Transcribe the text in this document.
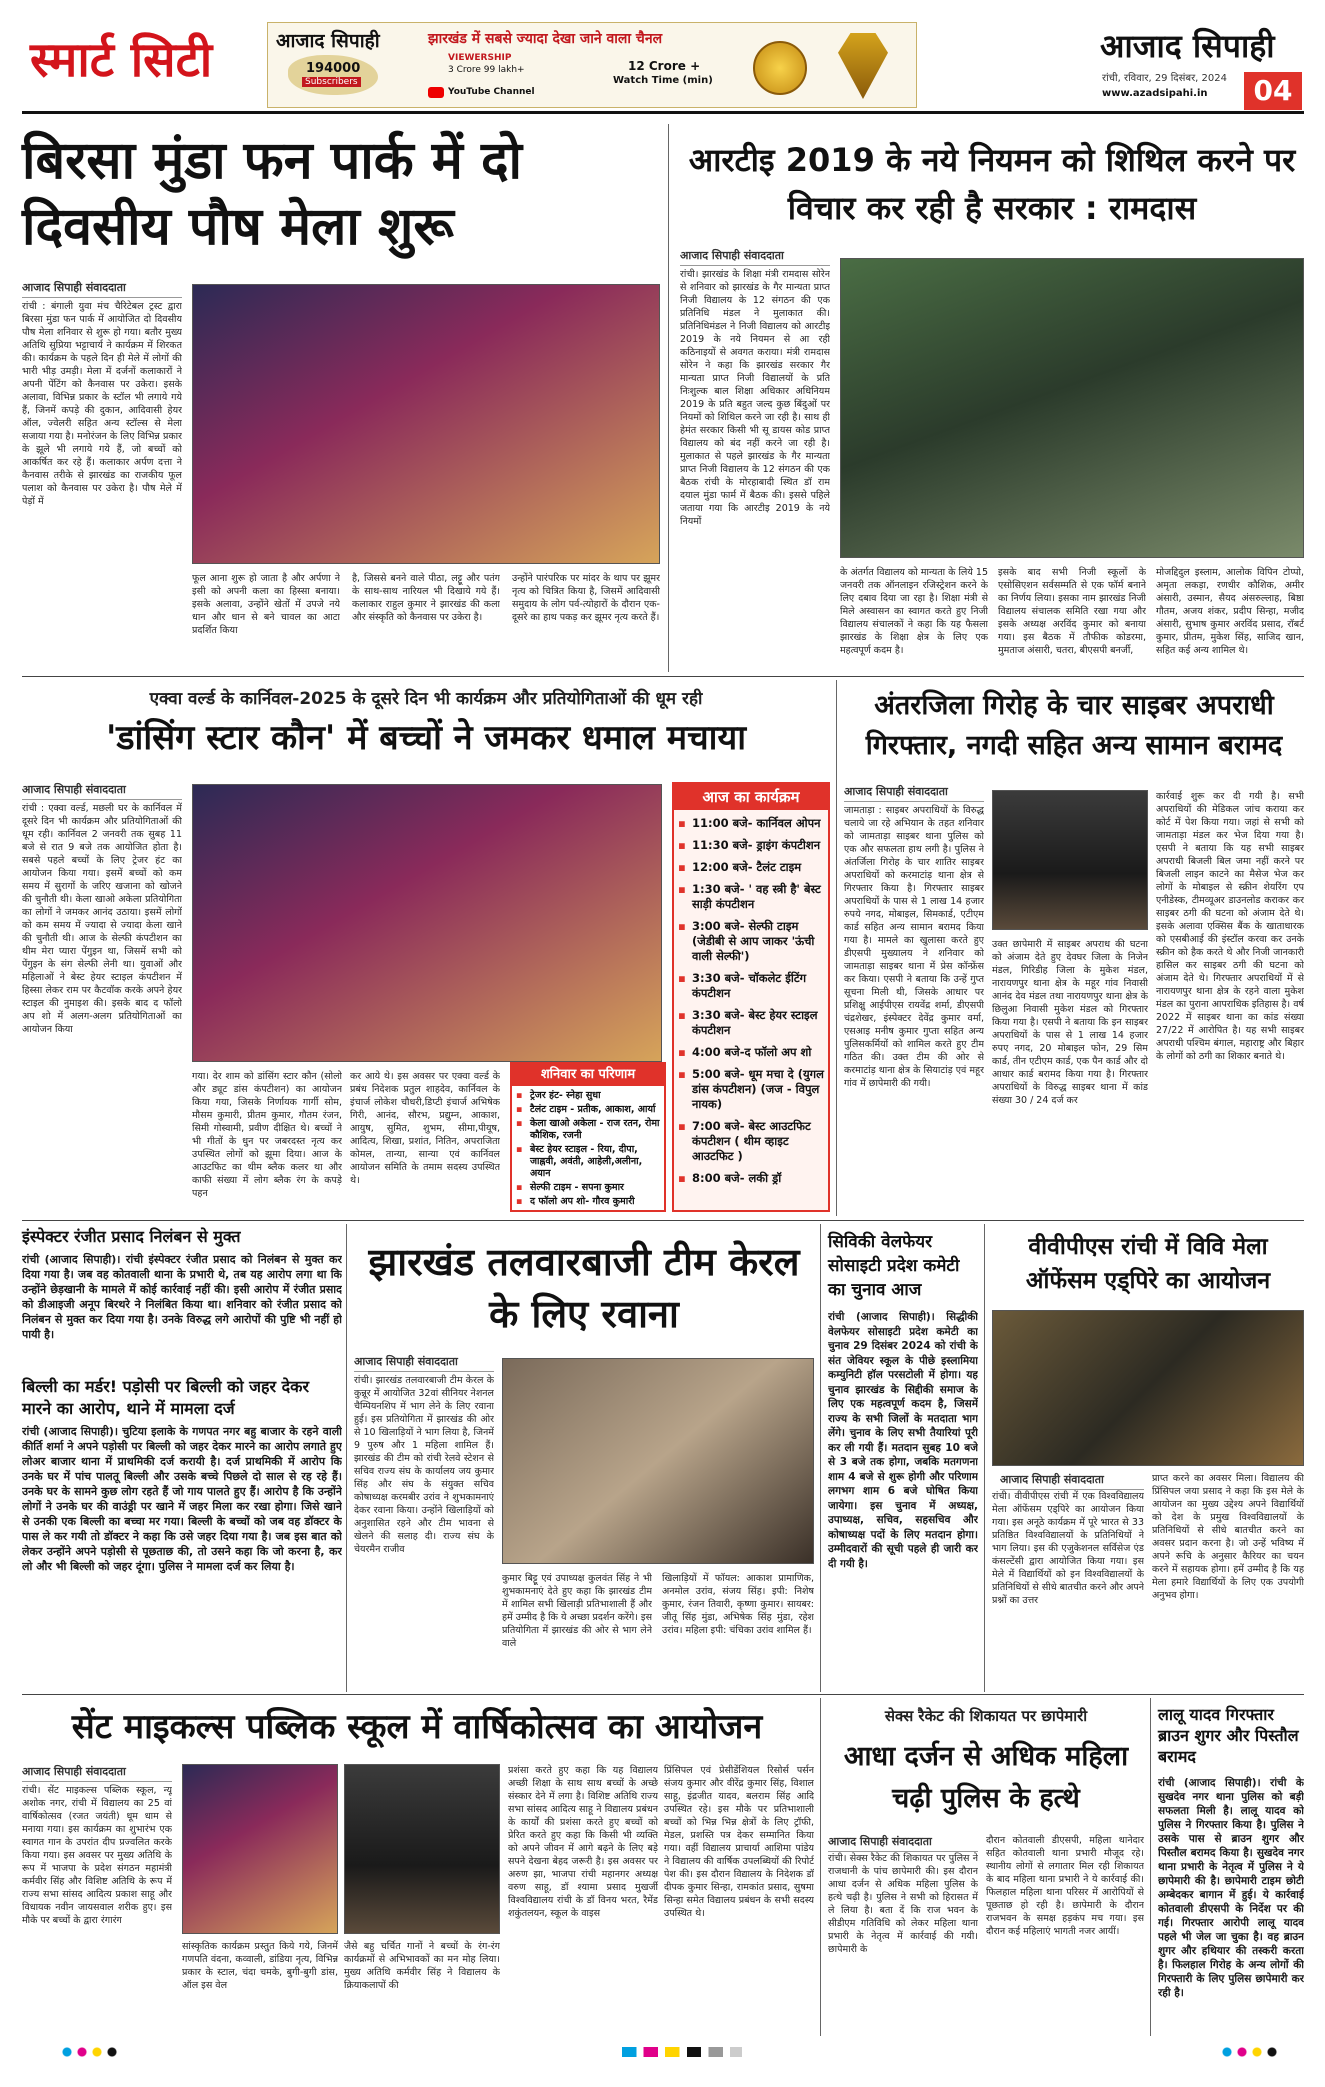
स्मार्ट सिटी	आजाद सिपाही	झारखंड में सबसे ज्यादा देखा जाने वाला चैनल
194000
Subscribers
VIEWERSHIP
3 Crore 99 lakh+	12 Crore +
Watch Time (min)
YouTube Channel
आजाद सिपाही
रांची, रविवार, 29 दिसंबर, 2024
www.azadsipahi.in	04
बिरसा मुंडा फन पार्क में दो दिवसीय पौष मेला शुरू
आजाद सिपाही संवाददाता
रांची : बंगाली युवा मंच चैरिटेबल ट्रस्ट द्वारा बिरसा मुंडा फन पार्क में आयोजित दो दिवसीय पौष मेला शनिवार से शुरू हो गया। बतौर मुख्य अतिथि सुप्रिया भट्टाचार्य ने कार्यक्रम में शिरकत की। कार्यक्रम के पहले दिन ही मेले में लोगों की भारी भीड़ उमड़ी। मेला में दर्जनों कलाकारों ने अपनी पेंटिंग को कैनवास पर उकेरा। इसके अलावा, विभिन्न प्रकार के स्टॉल भी लगाये गये हैं, जिनमें कपड़े की दुकान, आदिवासी हेयर ऑल, ज्वेलरी सहित अन्य स्टॉल्स से मेला सजाया गया है। मनोरंजन के लिए विभिन्न प्रकार के झूले भी लगाये गये हैं, जो बच्चों को आकर्षित कर रहे हैं। कलाकार अर्पण दत्ता ने कैनवास तरीके से झारखंड का राजकीय फूल पलाश को कैनवास पर उकेरा है। पौष मेले में पेड़ों में
फूल आना शुरू हो जाता है और अर्पणा ने इसी को अपनी कला का हिस्सा बनाया। इसके अलावा, उन्होंने खेतों में उपजे नये धान और धान से बने चावल का आटा प्रदर्शित किया
है, जिससे बनने वाले पीठा, लट्टू और पतंग के साथ-साथ नारियल भी दिखाये गये हैं। कलाकार राहुल कुमार ने झारखंड की कला और संस्कृति को कैनवास पर उकेरा है।
उन्होंने पारंपरिक पर मांदर के थाप पर झूमर नृत्य को चित्रित किया है, जिसमें आदिवासी समुदाय के लोग पर्व-त्योहारों के दौरान एक-दूसरे का हाथ पकड़ कर झूमर नृत्य करते हैं।
आरटीइ 2019 के नये नियमन को शिथिल करने पर विचार कर रही है सरकार : रामदास
आजाद सिपाही संवाददाता
रांची। झारखंड के शिक्षा मंत्री रामदास सोरेन से शनिवार को झारखंड के गैर मान्यता प्राप्त निजी विद्यालय के 12 संगठन की एक प्रतिनिधि मंडल ने मुलाकात की। प्रतिनिधिमंडल ने निजी विद्यालय को आरटीइ 2019 के नये नियमन से आ रही कठिनाइयों से अवगत कराया। मंत्री रामदास सोरेन ने कहा कि झारखंड सरकार गैर मान्यता प्राप्त निजी विद्यालयों के प्रति निःशुल्क बाल शिक्षा अधिकार अधिनियम 2019 के प्रति बहुत जल्द कुछ बिंदुओं पर नियमों को शिथिल करने जा रही है। साथ ही हेमंत सरकार किसी भी सू डायस कोड प्राप्त विद्यालय को बंद नहीं करने जा रही है। मुलाकात से पहले झारखंड के गैर मान्यता प्राप्त निजी विद्यालय के 12 संगठन की एक बैठक रांची के मोरहाबादी स्थित डॉ राम दयाल मुंडा फार्म में बैठक की। इससे पहिले जताया गया कि आरटीइ 2019 के नये नियमों
के अंतर्गत विद्यालय को मान्यता के लिये 15 जनवरी तक ऑनलाइन रजिस्ट्रेशन करने के लिए दबाव दिया जा रहा है। शिक्षा मंत्री से मिले अस्वासन का स्वागत करते हुए निजी विद्यालय संचालकों ने कहा कि यह फैसला झारखंड के शिक्षा क्षेत्र के लिए एक महत्वपूर्ण कदम है।
इसके बाद सभी निजी स्कूलों के एसोसिएशन सर्वसम्मति से एक फॉर्म बनाने का निर्णय लिया। इसका नाम झारखंड निजी विद्यालय संचालक समिति रखा गया और इसके अध्यक्ष अरविंद कुमार को बनाया गया। इस बैठक में तौफीक कोडरमा, मुमताज अंसारी, चतरा, बीएसपी बनर्जी,
मोजद्दिदुल इस्लाम, आलोक विपिन टोप्पो, अमृता लकड़ा, रणधीर कौशिक, अमीर अंसारी, उस्मान, सैयद अंसरुल्लाह, बिष्ठा गौतम, अजय शंकर, प्रदीप सिन्हा, मजीद अंसारी, सुभाष कुमार अरविंद प्रसाद, रॉबर्ट कुमार, प्रीतम, मुकेश सिंह, साजिद खान, सहित कई अन्य शामिल थे।
एक्वा वर्ल्ड के कार्निवल-2025 के दूसरे दिन भी कार्यक्रम और प्रतियोगिताओं की धूम रही
'डांसिंग स्टार कौन' में बच्चों ने जमकर धमाल मचाया
आजाद सिपाही संवाददाता
रांची : एक्वा वर्ल्ड, मछली घर के कार्निवल में दूसरे दिन भी कार्यक्रम और प्रतियोगिताओं की धूम रही। कार्निवल 2 जनवरी तक सुबह 11 बजे से रात 9 बजे तक आयोजित होता है। सबसे पहले बच्चों के लिए ट्रेजर हंट का आयोजन किया गया। इसमें बच्चों को कम समय में सुरागों के जरिए खजाना को खोजने की चुनौती थी। केला खाओ अकेला प्रतियोगिता का लोगों ने जमकर आनंद उठाया। इसमें लोगों को कम समय में ज्यादा से ज्यादा केला खाने की चुनौती थी। आज के सेल्फी कंपटीशन का थीम मेरा प्यारा पेंगुइन था, जिसमें सभी को पेंगुइन के संग सेल्फी लेनी था। युवाओं और महिलाओं ने बेस्ट हेयर स्टाइल कंपटीशन में हिस्सा लेकर राम पर कैटवॉक करके अपने हेयर स्टाइल की नुमाइश की। इसके बाद द फॉलो अप शो में अलग-अलग प्रतियोगिताओं का आयोजन किया
गया। देर शाम को डांसिंग स्टार कौन (सोलो और ड्यूट डांस कंपटीशन) का आयोजन किया गया, जिसके निर्णायक गार्गी सोम, मौसम कुमारी, प्रीतम कुमार, गौतम रंजन, सिमी गोस्वामी, प्रवीण दीक्षित थे। बच्चों ने भी गीतों के धुन पर जबरदस्त नृत्य कर उपस्थित लोगों को झूमा दिया। आज के आउटफिट का थीम ब्लैक कलर था और काफी संख्या में लोग ब्लैक रंग के कपड़े पहन
कर आये थे। इस अवसर पर एक्वा वर्ल्ड के प्रबंध निदेशक प्रतुल शाहदेव, कार्निवल के इंचार्ज लोकेश चौधरी,डिप्टी इंचार्ज अभिषेक गिरी, आनंद, सौरभ, प्रद्युम्न, आकाश, आयुष, सुमित, शुभम, सीमा,पीयूष, आदित्य, शिखा, प्रशांत, नितिन, अपराजिता कोमल, तान्या, सान्या एवं कार्निवल आयोजन समिति के तमाम सदस्य उपस्थित थे।
आज का कार्यक्रम
▪ 11:00 बजे- कार्निवल ओपन
▪ 11:30 बजे- ड्राइंग कंपटीशन
▪ 12:00 बजे- टैलंट टाइम
▪ 1:30 बजे- ' वह स्त्री है' बेस्ट साड़ी कंपटीशन
▪ 3:00 बजे- सेल्फी टाइम (जेडीबी से आप जाकर 'ऊंची वाली सेल्फी')
▪ 3:30 बजे- चॉकलेट ईटिंग कंपटीशन
▪ 3:30 बजे- बेस्ट हेयर स्टाइल कंपटीशन
▪ 4:00 बजे-द फॉलो अप शो
▪ 5:00 बजे- धूम मचा दे (युगल डांस कंपटीशन) (जज - विपुल नायक)
▪ 7:00 बजे- बेस्ट आउटफिट कंपटीशन ( थीम व्हाइट आउटफिट )
▪ 8:00 बजे- लकी ड्रॉ
शनिवार का परिणाम
▪ ट्रेजर हंट- स्नेहा सुधा
▪ टैलंट टाइम - प्रतीक, आकाश, आर्या
▪ केला खाओ अकेला - राज रतन, रोमा कौशिक, रजनी
▪ बेस्ट हेयर स्टाइल - रिया, दीपा, जाह्नवी, अवंती, आहेली,अलीना, अयान
▪ सेल्फी टाइम - सपना कुमार
▪ द फॉलो अप शो- गौरव कुमारी
अंतरजिला गिरोह के चार साइबर अपराधी गिरफ्तार, नगदी सहित अन्य सामान बरामद
आजाद सिपाही संवाददाता
जामताड़ा : साइबर अपराधियों के विरुद्ध चलाये जा रहे अभियान के तहत शनिवार को जामताड़ा साइबर थाना पुलिस को एक और सफलता हाथ लगी है। पुलिस ने अंतर्जिला गिरोह के चार शातिर साइबर अपराधियों को करमाटांड़ थाना क्षेत्र से गिरफ्तार किया है। गिरफ्तार साइबर अपराधियों के पास से 1 लाख 14 हजार रुपये नगद, मोबाइल, सिमकार्ड, एटीएम कार्ड सहित अन्य सामान बरामद किया गया है। मामले का खुलासा करते हुए डीएसपी मुख्यालय ने शनिवार को जामताड़ा साइबर थाना में प्रेस कॉन्फ्रेंस कर किया। एसपी ने बताया कि उन्हें गुप्त सूचना मिली थी, जिसके आधार पर प्रशिक्षु आईपीएस रायवेंद्र शर्मा, डीएसपी चंद्रशेखर, इंस्पेक्टर देवेंद्र कुमार वर्मा, एसआइ मनीष कुमार गुप्ता सहित अन्य पुलिसकर्मियों को शामिल करते हुए टीम गठित की। उक्त टीम की ओर से करमाटांड़ थाना क्षेत्र के सियाटांड़ एवं महूर गांव में छापेमारी की गयी।
उक्त छापेमारी में साइबर अपराध की घटना को अंजाम देते हुए देवघर जिला के निजेन मंडल, गिरिडीह जिला के मुकेश मंडल, नारायणपुर थाना क्षेत्र के महूर गांव निवासी आनंद देव मंडल तथा नारायणपुर थाना क्षेत्र के छिलुआ निवासी मुकेश मंडल को गिरफ्तार किया गया है। एसपी ने बताया कि इन साइबर अपराधियों के पास से 1 लाख 14 हजार रुपए नगद, 20 मोबाइल फोन, 29 सिम कार्ड, तीन एटीएम कार्ड, एक पैन कार्ड और दो आधार कार्ड बरामद किया गया है। गिरफ्तार अपराधियों के विरुद्ध साइबर थाना में कांड संख्या 30 / 24 दर्ज कर
कार्रवाई शुरू कर दी गयी है। सभी अपराधियों की मेडिकल जांच कराया कर कोर्ट में पेश किया गया। जहां से सभी को जामताड़ा मंडल कर भेज दिया गया है। एसपी ने बताया कि यह सभी साइबर अपराधी बिजली बिल जमा नहीं करने पर बिजली लाइन काटने का मैसेज भेज कर लोगों के मोबाइल से स्क्रीन शेयरिंग एप एनीडेस्क, टीमव्यूअर डाउनलोड कराकर कर साइबर ठगी की घटना को अंजाम देते थे। इसके अलावा एक्सिस बैंक के खाताधारक को एसबीआई की इंस्टॉल करवा कर उनके स्क्रीन को हैक करते थे और निजी जानकारी हासिल कर साइबर ठगी की घटना को अंजाम देते थे। गिरफ्तार अपराधियों में से नारायणपुर थाना क्षेत्र के रहने वाला मुकेश मंडल का पुराना आपराधिक इतिहास है। वर्ष 2022 में साइबर थाना का कांड संख्या 27/22 में आरोपित है। यह सभी साइबर अपराधी पश्चिम बंगाल, महाराष्ट्र और बिहार के लोगों को ठगी का शिकार बनाते थे।
इंस्पेक्टर रंजीत प्रसाद निलंबन से मुक्त
रांची (आजाद सिपाही)। रांची इंस्पेक्टर रंजीत प्रसाद को निलंबन से मुक्त कर दिया गया है। जब वह कोतवाली थाना के प्रभारी थे, तब यह आरोप लगा था कि उन्होंने छेड़खानी के मामले में कोई कार्रवाई नहीं की। इसी आरोप में रंजीत प्रसाद को डीआइजी अनूप बिरथरे ने निलंबित किया था। शनिवार को रंजीत प्रसाद को निलंबन से मुक्त कर दिया गया है। उनके विरुद्ध लगे आरोपों की पुष्टि भी नहीं हो पायी है।
बिल्ली का मर्डर! पड़ोसी पर बिल्ली को जहर देकर मारने का आरोप, थाने में मामला दर्ज
रांची (आजाद सिपाही)। चुटिया इलाके के गणपत नगर बहु बाजार के रहने वाली कीर्ति शर्मा ने अपने पड़ोसी पर बिल्ली को जहर देकर मारने का आरोप लगाते हुए लोअर बाजार थाना में प्राथमिकी दर्ज करायी है। दर्ज प्राथमिकी में आरोप कि उनके घर में पांच पालतू बिल्ली और उसके बच्चे पिछले दो साल से रह रहे हैं। उनके घर के सामने कुछ लोग रहते हैं जो गाय पालते हुए हैं। आरोप है कि उन्होंने लोगों ने उनके घर की वाउंड्री पर खाने में जहर मिला कर रखा होगा। जिसे खाने से उनकी एक बिल्ली का बच्चा मर गया। बिल्ली के बच्चों को जब वह डॉक्टर के पास ले कर गयी तो डॉक्टर ने कहा कि उसे जहर दिया गया है। जब इस बात को लेकर उन्होंने अपने पड़ोसी से पूछताछ की, तो उसने कहा कि जो करना है, कर लो और भी बिल्ली को जहर दूंगा। पुलिस ने मामला दर्ज कर लिया है।
झारखंड तलवारबाजी टीम केरल के लिए रवाना
आजाद सिपाही संवाददाता
रांची। झारखंड तलवारबाजी टीम केरल के कुन्नूर में आयोजित 32वां सीनियर नेशनल चैम्पियनशिप में भाग लेने के लिए रवाना हुई। इस प्रतियोगिता में झारखंड की ओर से 10 खिलाड़ियों ने भाग लिया है, जिनमें 9 पुरुष और 1 महिला शामिल हैं। झारखंड की टीम को रांची रेलवे स्टेशन से सचिव राज्य संघ के कार्यालय जय कुमार सिंह और संघ के संयुक्त सचिव कोषाध्यक्ष करमबीर उरांव ने शुभकामनाएं देकर रवाना किया। उन्होंने खिलाड़ियों को अनुशासित रहने और टीम भावना से खेलने की सलाह दी। राज्य संघ के चेयरमैन राजीव
कुमार बिट्टू एवं उपाध्यक्ष कुलवंत सिंह ने भी शुभकामनाएं देते हुए कहा कि झारखंड टीम में शामिल सभी खिलाड़ी प्रतिभाशाली हैं और हमें उम्मीद है कि ये अच्छा प्रदर्शन करेंगे। इस प्रतियोगिता में झारखंड की ओर से भाग लेने वाले
खिलाड़ियों में फॉयल: आकाश प्रामाणिक, अनमोल उरांव, संजय सिंह। इपी: निशेष कुमार, रंजन तिवारी, कृष्णा कुमार। सायबर: जीतू सिंह मुंडा, अभिषेक सिंह मुंडा, रहेश उरांव। महिला इपी: चंचिका उरांव शामिल हैं।
सिविकी वेलफेयर सोसाइटी प्रदेश कमेटी का चुनाव आज
रांची (आजाद सिपाही)। सिद्धीकी वेलफेयर सोसाइटी प्रदेश कमेटी का चुनाव 29 दिसंबर 2024 को रांची के संत जेवियर स्कूल के पीछे इस्लामिया कम्युनिटी हॉल परसटोली में होगा। यह चुनाव झारखंड के सिद्दीकी समाज के लिए एक महत्वपूर्ण कदम है, जिसमें राज्य के सभी जिलों के मतदाता भाग लेंगे। चुनाव के लिए सभी तैयारियां पूरी कर ली गयी हैं। मतदान सुबह 10 बजे से 3 बजे तक होगा, जबकि मतगणना शाम 4 बजे से शुरू होगी और परिणाम लगभग शाम 6 बजे घोषित किया जायेगा। इस चुनाव में अध्यक्ष, उपाध्यक्ष, सचिव, सहसचिव और कोषाध्यक्ष पदों के लिए मतदान होगा। उम्मीदवारों की सूची पहले ही जारी कर दी गयी है।
वीवीपीएस रांची में विवि मेला ऑफेंसम एड्पिरे का आयोजन
आजाद सिपाही संवाददाता
रांची। वीवीपीएस रांची में एक विश्वविद्यालय मेला ऑफेंसम एड्पिरे का आयोजन किया गया। इस अनूठे कार्यक्रम में पूरे भारत से 33 प्रतिष्ठित विश्वविद्यालयों के प्रतिनिधियों ने भाग लिया। इस की एजुकेशनल सर्विसेज एंड कंसल्टेंसी द्वारा आयोजित किया गया। इस मेले में विद्यार्थियों को इन विश्वविद्यालयों के प्रतिनिधियों से सीधे बातचीत करने और अपने प्रश्नों का उत्तर
प्राप्त करने का अवसर मिला। विद्यालय की प्रिंसिपल जया प्रसाद ने कहा कि इस मेले के आयोजन का मुख्य उद्देश्य अपने विद्यार्थियों को देश के प्रमुख विश्वविद्यालयों के प्रतिनिधियों से सीधे बातचीत करने का अवसर प्रदान करना है। जो उन्हें भविष्य में अपने रूचि के अनुसार कैरियर का चयन करने में सहायक होगा। हमें उम्मीद है कि यह मेला हमारे विद्यार्थियों के लिए एक उपयोगी अनुभव होगा।
सेंट माइकल्स पब्लिक स्कूल में वार्षिकोत्सव का आयोजन
आजाद सिपाही संवाददाता
रांची। सेंट माइकल्स पब्लिक स्कूल, न्यू अशोक नगर, रांची में विद्यालय का 25 वां वार्षिकोत्सव (रजत जयंती) धूम धाम से मनाया गया। इस कार्यक्रम का शुभारंभ एक स्वागत गान के उपरांत दीप प्रज्वलित करके किया गया। इस अवसर पर मुख्य अतिथि के रूप में भाजपा के प्रदेश संगठन महामंत्री कर्मवीर सिंह और विशिष्ट अतिथि के रूप में राज्य सभा सांसद आदित्य प्रकाश साहू और विधायक नवीन जायसवाल शरीक हुए। इस मौके पर बच्चों के द्वारा रंगारंग
सांस्कृतिक कार्यक्रम प्रस्तुत किये गये, जिनमें गणपति वंदना, कव्वाली, डांडिया नृत्य, विभिन्न प्रकार के स्टाल, चंदा चमके, बुगी-बुगी डांस, ऑल इस वेल
जैसे बहु चर्चित गानों ने बच्चों के रंग-रंग कार्यक्रमों से अभिभावकों का मन मोह लिया। मुख्य अतिथि कर्मवीर सिंह ने विद्यालय के क्रियाकलापों की
प्रशंसा करते हुए कहा कि यह विद्यालय अच्छी शिक्षा के साथ साथ बच्चों के अच्छे संस्कार देने में लगा है। विशिष्ट अतिथि राज्य सभा सांसद आदित्य साहू ने विद्यालय प्रबंधन के कार्यों की प्रशंसा करते हुए बच्चों को प्रेरित करते हुए कहा कि किसी भी व्यक्ति को अपने जीवन में आगे बढ़ने के लिए बड़े सपने देखना बेहद जरूरी है। इस अवसर पर अरुण झा, भाजपा रांची महानगर अध्यक्ष वरुण साहू, डॉ श्यामा प्रसाद मुखर्जी विश्वविद्यालय रांची के डॉ विनय भरत, रैमेंड शकुंतलयन, स्कूल के वाइस
प्रिंसिपल एवं प्रेसीडेंशियल रिसोर्स पर्सन संजय कुमार और वीरेंद्र कुमार सिंह, विशाल साहू, इंद्रजीत यादव, बलराम सिंह आदि उपस्थित रहे। इस मौके पर प्रतिभाशाली बच्चों को भिन्न भिन्न क्षेत्रों के लिए ट्रॉफी, मेडल, प्रशस्ति पत्र देकर सम्मानित किया गया। वहीं विद्यालय प्राचार्या आशिमा पांडेय ने विद्यालय की वार्षिक उपलब्धियों की रिपोर्ट पेश की। इस दौरान विद्यालय के निदेशक डॉ दीपक कुमार सिन्हा, रामकांत प्रसाद, सुषमा सिन्हा समेत विद्यालय प्रबंधन के सभी सदस्य उपस्थित थे।
सेक्स रैकेट की शिकायत पर छापेमारी
आधा दर्जन से अधिक महिला चढ़ी पुलिस के हत्थे
आजाद सिपाही संवाददाता
रांची। सेक्स रैकेट की शिकायत पर पुलिस ने राजधानी के पांच छापेमारी की। इस दौरान आधा दर्जन से अधिक महिला पुलिस के हत्थे चढ़ी है। पुलिस ने सभी को हिरासत में ले लिया है। बता दें कि राज भवन के सीडीएम गतिविधि को लेकर महिला थाना प्रभारी के नेतृत्व में कार्रवाई की गयी। छापेमारी के
दौरान कोतवाली डीएसपी, महिला थानेदार सहित कोतवाली थाना प्रभारी मौजूद रहे। स्थानीय लोगों से लगातार मिल रही शिकायत के बाद महिला थाना प्रभारी ने ये कार्रवाई की। फिलहाल महिला थाना परिसर में आरोपियों से पूछताछ हो रही है। छापेमारी के दौरान राजभवन के समक्ष हड़कंप मच गया। इस दौरान कई महिलाएं भागती नजर आयीं।
लालू यादव गिरफ्तार ब्राउन शुगर और पिस्तौल बरामद
रांची (आजाद सिपाही)। रांची के सुखदेव नगर थाना पुलिस को बड़ी सफलता मिली है। लालू यादव को पुलिस ने गिरफ्तार किया है। पुलिस ने उसके पास से ब्राउन शुगर और पिस्तौल बरामद किया है। सुखदेव नगर थाना प्रभारी के नेतृत्व में पुलिस ने ये छापेमारी की है। छापेमारी टाइम छोटी अम्बेदकर बागान में हुई। ये कार्रवाई कोतवाली डीएसपी के निर्देश पर की गई। गिरफ्तार आरोपी लालू यादव पहले भी जेल जा चुका है। वह ब्राउन शुगर और हथियार की तस्करी करता है। फिलहाल गिरोह के अन्य लोगों की गिरफ्तारी के लिए पुलिस छापेमारी कर रही है।
